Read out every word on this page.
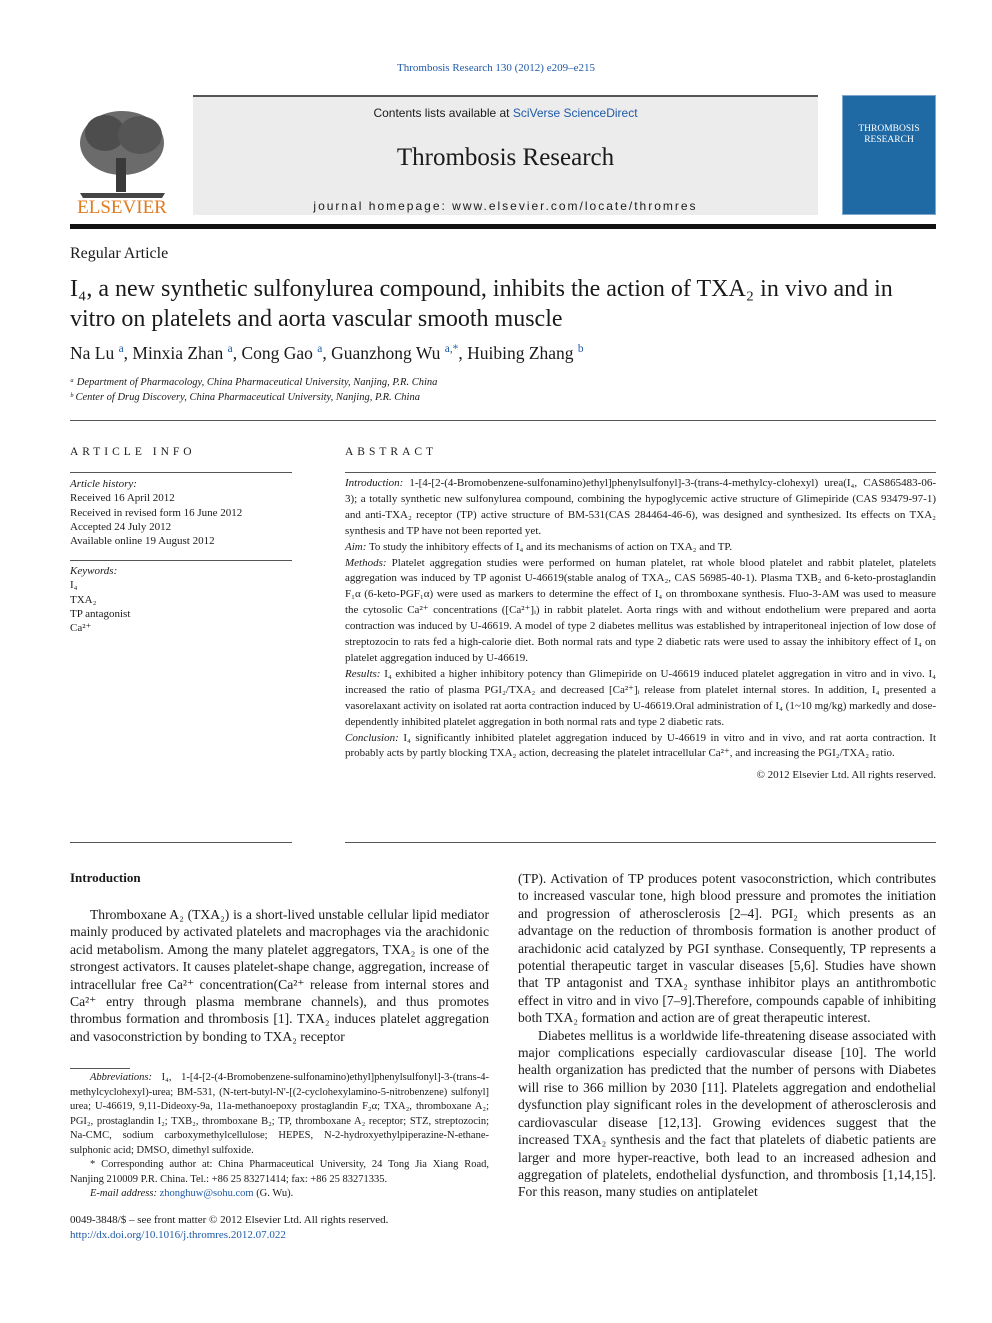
Thrombosis Research 130 (2012) e209–e215
ELSEVIER
Contents lists available at SciVerse ScienceDirect
Thrombosis Research
journal homepage: www.elsevier.com/locate/thromres
THROMBOSIS RESEARCH
Regular Article
I₄, a new synthetic sulfonylurea compound, inhibits the action of TXA₂ in vivo and in vitro on platelets and aorta vascular smooth muscle
Na Lu $^a$, Minxia Zhan $^a$, Cong Gao $^a$, Guanzhong Wu $^{a,*}$, Huibing Zhang $^b$
ᵃ Department of Pharmacology, China Pharmaceutical University, Nanjing, P.R. China
ᵇ Center of Drug Discovery, China Pharmaceutical University, Nanjing, P.R. China
ARTICLE INFO	ABSTRACT
Article history:
Received 16 April 2012
Received in revised form 16 June 2012
Accepted 24 July 2012
Available online 19 August 2012
Keywords:
I₄
TXA₂
TP antagonist
Ca²⁺

Introduction: 1-[4-[2-(4-Bromobenzene-sulfonamino)ethyl]phenylsulfonyl]-3-(trans-4-methylcy-clohexyl) urea(I₄, CAS865483-06-3); a totally synthetic new sulfonylurea compound, combining the hypoglycemic active structure of Glimepiride (CAS 93479-97-1) and anti-TXA₂ receptor (TP) active structure of BM-531(CAS 284464-46-6), was designed and synthesized. Its effects on TXA₂ synthesis and TP have not been reported yet.

Aim: To study the inhibitory effects of I₄ and its mechanisms of action on TXA₂ and TP.

Methods: Platelet aggregation studies were performed on human platelet, rat whole blood platelet and rabbit platelet, platelets aggregation was induced by TP agonist U-46619(stable analog of TXA₂, CAS 56985-40-1). Plasma TXB₂ and 6-keto-prostaglandin F₁α (6-keto-PGF₁α) were used as markers to determine the effect of I₄ on thromboxane synthesis. Fluo-3-AM was used to measure the cytosolic Ca²⁺ concentrations ([Ca²⁺]ᵢ) in rabbit platelet. Aorta rings with and without endothelium were prepared and aorta contraction was induced by U-46619. A model of type 2 diabetes mellitus was established by intraperitoneal injection of low dose of streptozocin to rats fed a high-calorie diet. Both normal rats and type 2 diabetic rats were used to assay the inhibitory effect of I₄ on platelet aggregation induced by U-46619.

Results: I₄ exhibited a higher inhibitory potency than Glimepiride on U-46619 induced platelet aggregation in vitro and in vivo. I₄ increased the ratio of plasma PGI₂/TXA₂ and decreased [Ca²⁺]ᵢ release from platelet internal stores. In addition, I₄ presented a vasorelaxant activity on isolated rat aorta contraction induced by U-46619.Oral administration of I₄ (1~10 mg/kg) markedly and dose-dependently inhibited platelet aggregation in both normal rats and type 2 diabetic rats.

Conclusion: I₄ significantly inhibited platelet aggregation induced by U-46619 in vitro and in vivo, and rat aorta contraction. It probably acts by partly blocking TXA₂ action, decreasing the platelet intracellular Ca²⁺, and increasing the PGI₂/TXA₂ ratio.

© 2012 Elsevier Ltd. All rights reserved.

Introduction

Thromboxane A₂ (TXA₂) is a short-lived unstable cellular lipid mediator mainly produced by activated platelets and macrophages via the arachidonic acid metabolism. Among the many platelet aggregators, TXA₂ is one of the strongest activators. It causes platelet-shape change, aggregation, increase of intracellular free Ca²⁺ concentration(Ca²⁺ release from internal stores and Ca²⁺ entry through plasma membrane channels), and thus promotes thrombus formation and thrombosis [1]. TXA₂ induces platelet aggregation and vasoconstriction by bonding to TXA₂ receptor

Abbreviations: I₄, 1-[4-[2-(4-Bromobenzene-sulfonamino)ethyl]phenylsulfonyl]-3-(trans-4-methylcyclohexyl)-urea; BM-531, (N-tert-butyl-N'-[(2-cyclohexylamino-5-nitrobenzene) sulfonyl] urea; U-46619, 9,11-Dideoxy-9a, 11a-methanoepoxy prostaglandin F₂α; TXA₂, thromboxane A₂; PGI₂, prostaglandin I₂; TXB₂, thromboxane B₂; TP, thromboxane A₂ receptor; STZ, streptozocin; Na-CMC, sodium carboxymethylcellulose; HEPES, N-2-hydroxyethylpiperazine-N-ethane-sulphonic acid; DMSO, dimethyl sulfoxide.

* Corresponding author at: China Pharmaceutical University, 24 Tong Jia Xiang Road, Nanjing 210009 P.R. China. Tel.: +86 25 83271414; fax: +86 25 83271335.

E-mail address: zhonghuw@sohu.com (G. Wu).

(TP). Activation of TP produces potent vasoconstriction, which contributes to increased vascular tone, high blood pressure and promotes the initiation and progression of atherosclerosis [2–4]. PGI₂ which presents as an advantage on the reduction of thrombosis formation is another product of arachidonic acid catalyzed by PGI synthase. Consequently, TP represents a potential therapeutic target in vascular diseases [5,6]. Studies have shown that TP antagonist and TXA₂ synthase inhibitor plays an antithrombotic effect in vitro and in vivo [7–9].Therefore, compounds capable of inhibiting both TXA₂ formation and action are of great therapeutic interest.

Diabetes mellitus is a worldwide life-threatening disease associated with major complications especially cardiovascular disease [10]. The world health organization has predicted that the number of persons with Diabetes will rise to 366 million by 2030 [11]. Platelets aggregation and endothelial dysfunction play significant roles in the development of atherosclerosis and cardiovascular disease [12,13]. Growing evidences suggest that the increased TXA₂ synthesis and the fact that platelets of diabetic patients are larger and more hyper-reactive, both lead to an increased adhesion and aggregation of platelets, endothelial dysfunction, and thrombosis [1,14,15]. For this reason, many studies on antiplatelet

0049-3848/$ – see front matter © 2012 Elsevier Ltd. All rights reserved.
http://dx.doi.org/10.1016/j.thromres.2012.07.022
